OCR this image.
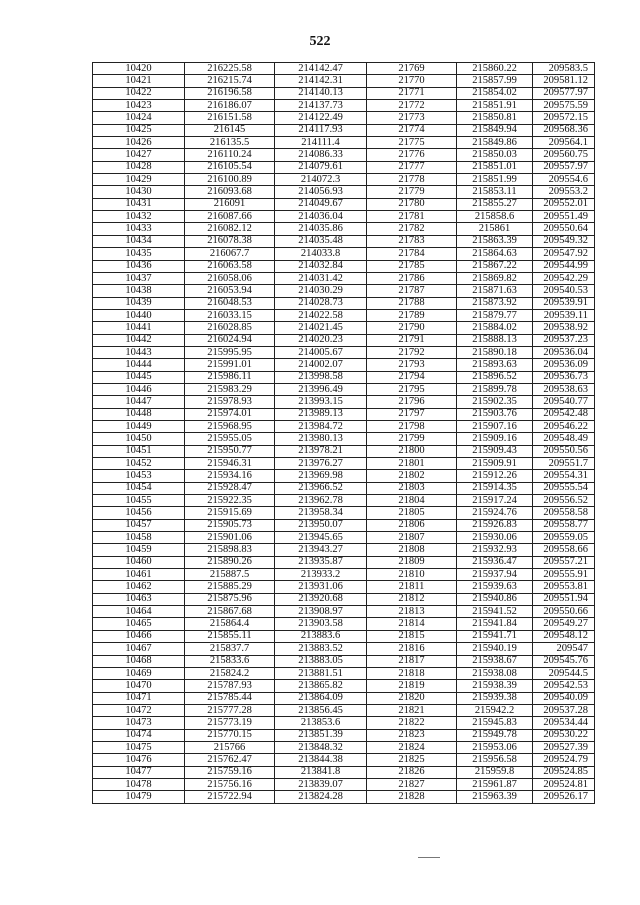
522
10420	216225.58	214142.47	21769	215860.22	209583.5
10421	216215.74	214142.31	21770	215857.99	209581.12
10422	216196.58	214140.13	21771	215854.02	209577.97
10423	216186.07	214137.73	21772	215851.91	209575.59
10424	216151.58	214122.49	21773	215850.81	209572.15
10425	216145	214117.93	21774	215849.94	209568.36
10426	216135.5	214111.4	21775	215849.86	209564.1
10427	216110.24	214086.33	21776	215850.03	209560.75
10428	216105.54	214079.61	21777	215851.01	209557.97
10429	216100.89	214072.3	21778	215851.99	209554.6
10430	216093.68	214056.93	21779	215853.11	209553.2
10431	216091	214049.67	21780	215855.27	209552.01
10432	216087.66	214036.04	21781	215858.6	209551.49
10433	216082.12	214035.86	21782	215861	209550.64
10434	216078.38	214035.48	21783	215863.39	209549.32
10435	216067.7	214033.8	21784	215864.63	209547.92
10436	216063.58	214032.84	21785	215867.22	209544.99
10437	216058.06	214031.42	21786	215869.82	209542.29
10438	216053.94	214030.29	21787	215871.63	209540.53
10439	216048.53	214028.73	21788	215873.92	209539.91
10440	216033.15	214022.58	21789	215879.77	209539.11
10441	216028.85	214021.45	21790	215884.02	209538.92
10442	216024.94	214020.23	21791	215888.13	209537.23
10443	215995.95	214005.67	21792	215890.18	209536.04
10444	215991.01	214002.07	21793	215893.63	209536.09
10445	215986.11	213998.58	21794	215896.52	209536.73
10446	215983.29	213996.49	21795	215899.78	209538.63
10447	215978.93	213993.15	21796	215902.35	209540.77
10448	215974.01	213989.13	21797	215903.76	209542.48
10449	215968.95	213984.72	21798	215907.16	209546.22
10450	215955.05	213980.13	21799	215909.16	209548.49
10451	215950.77	213978.21	21800	215909.43	209550.56
10452	215946.31	213976.27	21801	215909.91	209551.7
10453	215934.16	213969.98	21802	215912.26	209554.31
10454	215928.47	213966.52	21803	215914.35	209555.54
10455	215922.35	213962.78	21804	215917.24	209556.52
10456	215915.69	213958.34	21805	215924.76	209558.58
10457	215905.73	213950.07	21806	215926.83	209558.77
10458	215901.06	213945.65	21807	215930.06	209559.05
10459	215898.83	213943.27	21808	215932.93	209558.66
10460	215890.26	213935.87	21809	215936.47	209557.21
10461	215887.5	213933.2	21810	215937.94	209555.91
10462	215885.29	213931.06	21811	215939.63	209553.81
10463	215875.96	213920.68	21812	215940.86	209551.94
10464	215867.68	213908.97	21813	215941.52	209550.66
10465	215864.4	213903.58	21814	215941.84	209549.27
10466	215855.11	213883.6	21815	215941.71	209548.12
10467	215837.7	213883.52	21816	215940.19	209547
10468	215833.6	213883.05	21817	215938.67	209545.76
10469	215824.2	213881.51	21818	215938.08	209544.5
10470	215787.93	213865.82	21819	215938.39	209542.53
10471	215785.44	213864.09	21820	215939.38	209540.09
10472	215777.28	213856.45	21821	215942.2	209537.28
10473	215773.19	213853.6	21822	215945.83	209534.44
10474	215770.15	213851.39	21823	215949.78	209530.22
10475	215766	213848.32	21824	215953.06	209527.39
10476	215762.47	213844.38	21825	215956.58	209524.79
10477	215759.16	213841.8	21826	215959.8	209524.85
10478	215756.16	213839.07	21827	215961.87	209524.81
10479	215722.94	213824.28	21828	215963.39	209526.17
